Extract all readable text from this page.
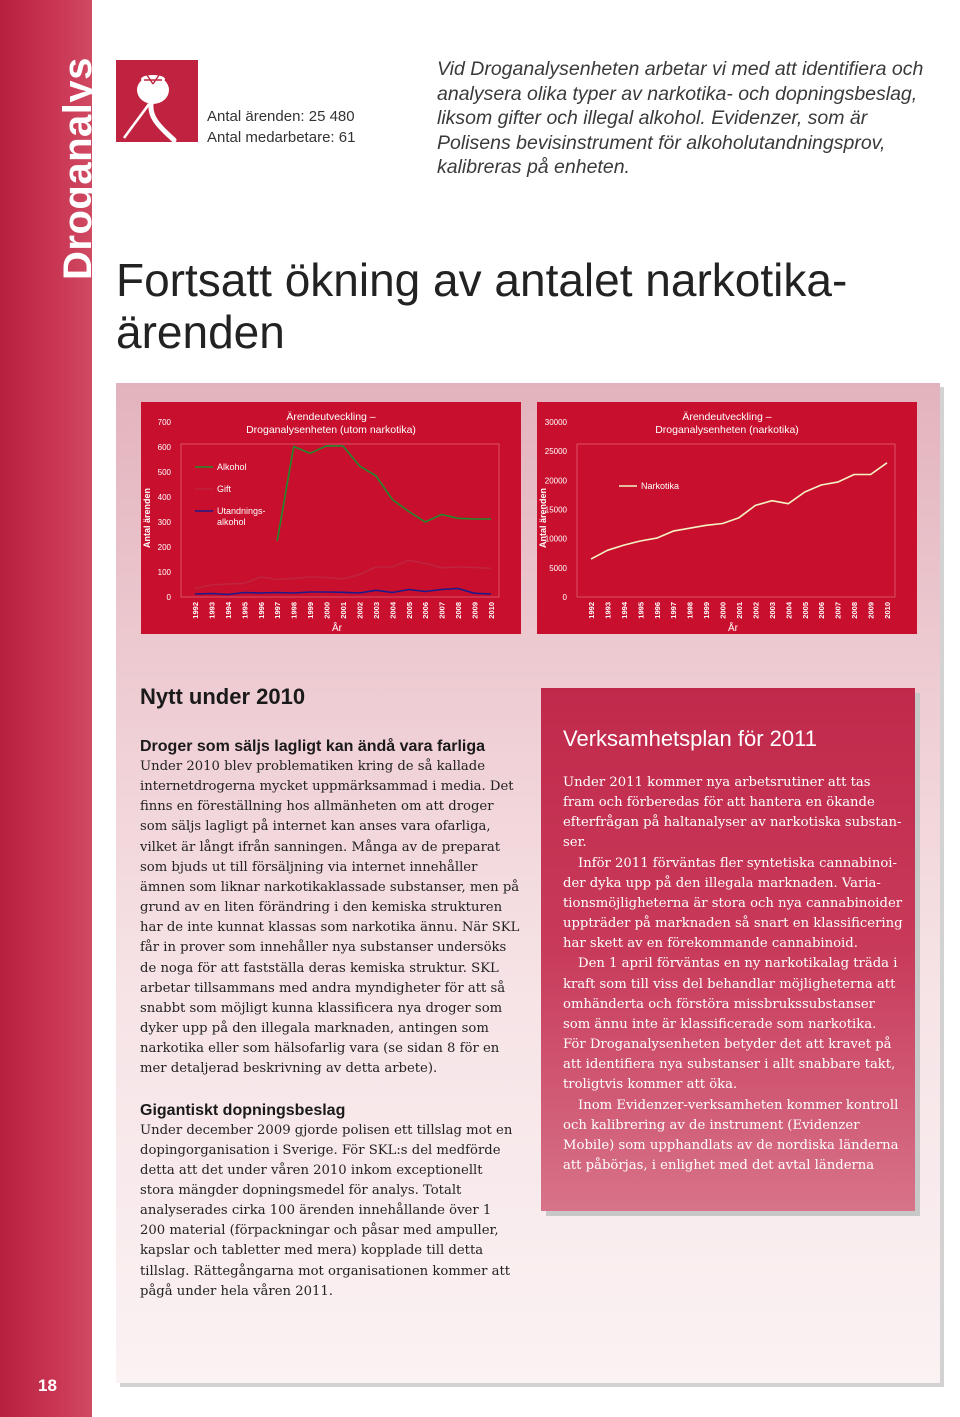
Droganalys
18
Antal ärenden: 25 480
Antal medarbetare: 61
Vid Droganalysenheten arbetar vi med att identifiera och analysera olika typer av narkotika- och dopningsbeslag, liksom gifter och illegal alkohol. Evidenzer, som är Polisens bevisinstrument för alkoholutandningsprov, kalibreras på enheten.
Fortsatt ökning av antalet narkotikaärenden
Ärendeutveckling – Droganalysenheten (utom narkotika)
0
100
200
300
400
500
600
700
Antal ärenden
1992 1993 1994 1995 1996 1997 1998 1999 2000 2001 2002 2003 2004 2005 2006 2007 2008 2009 2010
År
Alkohol
Gift
Utandnings-alkohol
Ärendeutveckling – Droganalysenheten (narkotika)
0
5000
10000
15000
20000
25000
30000
Antal ärenden
1992 1993 1994 1995 1996 1997 1998 1999 2000 2001 2002 2003 2004 2005 2006 2007 2008 2009 2010
År
Narkotika
Nytt under 2010
Droger som säljs lagligt kan ändå vara farliga

Under 2010 blev problematiken kring de så kallade internetdrogerna mycket uppmärksammad i media. Det finns en föreställning hos allmänheten om att droger som säljs lagligt på internet kan anses vara ofarliga, vilket är långt ifrån sanningen. Många av de preparat som bjuds ut till försäljning via internet innehåller ämnen som liknar narkotikaklassade substanser, men på grund av en liten förändring i den kemiska strukturen har de inte kunnat klassas som narkotika ännu. När SKL får in prover som innehåller nya substanser undersöks de noga för att fastställa deras kemiska struktur. SKL arbetar tillsammans med andra myndigheter för att så snabbt som möjligt kunna klassificera nya droger som dyker upp på den illegala marknaden, antingen som narkotika eller som hälsofarlig vara (se sidan 8 för en mer detaljerad beskrivning av detta arbete).

Gigantiskt dopningsbeslag

Under december 2009 gjorde polisen ett tillslag mot en dopingorganisation i Sverige. För SKL:s del medförde detta att det under våren 2010 inkom exceptionellt stora mängder dopningsmedel för analys. Totalt analyserades cirka 100 ärenden innehållande över 1 200 material (förpackningar och påsar med ampuller, kapslar och tabletter med mera) kopplade till detta tillslag. Rättegångarna mot organisationen kommer att pågå under hela våren 2011.

Verksamhetsplan för 2011

Under 2011 kommer nya arbetsrutiner att tas fram och förberedas för att hantera en ökande efterfrågan på haltanalyser av narkotiska substanser.

Inför 2011 förväntas fler syntetiska cannabinoider dyka upp på den illegala marknaden. Variationsmöjligheterna är stora och nya cannabinoider uppträder på marknaden så snart en klassificering har skett av en förekommande cannabinoid.

Den 1 april förväntas en ny narkotikalag träda i kraft som till viss del behandlar möjligheterna att omhänderta och förstöra missbrukssubstanser som ännu inte är klassificerade som narkotika. För Droganalysenheten betyder det att kravet på att identifiera nya substanser i allt snabbare takt, troligtvis kommer att öka.

Inom Evidenzer-verksamheten kommer kontroll och kalibrering av de instrument (Evidenzer Mobile) som upphandlats av de nordiska länderna att påbörjas, i enlighet med det avtal länderna
